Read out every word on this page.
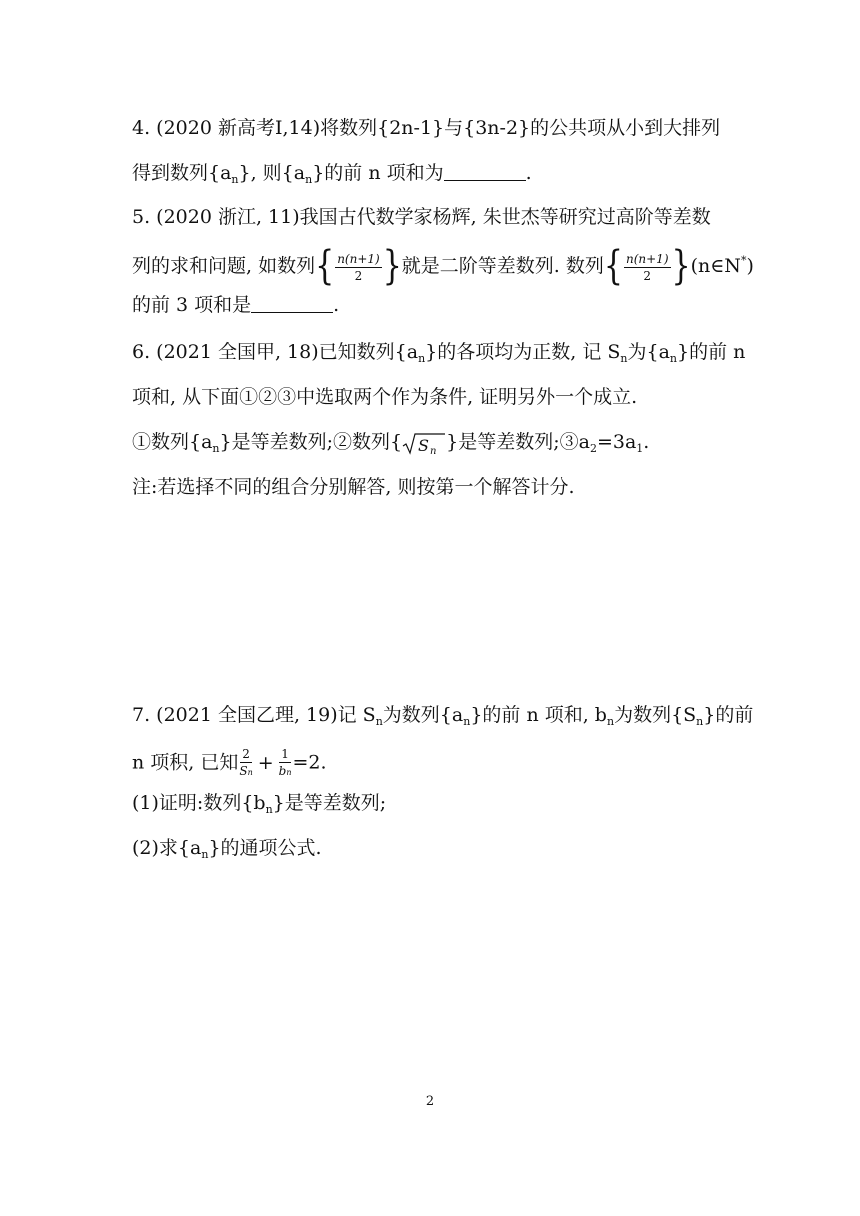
4. (2020 新高考Ⅰ,14)将数列{2n-1}与{3n-2}的公共项从小到大排列
得到数列$\{a_n\}$, 则$\{a_n\}$的前 n 项和为	.
5. (2020 浙江, 11)我国古代数学家杨辉, 朱世杰等研究过高阶等差数
列的求和问题, 如数列{ $\frac{n(n+1)}{2}$ }就是二阶等差数列. 数列{ $\frac{n(n+1)}{2}$ }(n∈N*)
的前 3 项和是	.
6. (2021 全国甲, 18)已知数列$\{a_n\}$的各项均为正数, 记 $S_n$为$\{a_n\}$的前 n
项和, 从下面①②③中选取两个作为条件, 证明另外一个成立.
①数列$\{a_n\}$是等差数列;②数列{ S n }是等差数列$;③a_2=3a_1$.
注:若选择不同的组合分别解答, 则按第一个解答计分.
7. (2021 全国乙理, 19)记 $S_n$为数列$\{a_n\}$的前 n 项和, $b_n$为数列$\{S_n\}$的前
n 项积, 已知 $\frac{2}{Sn} + \frac{1}{bn} =2$.
(1)证明:数列$\{b_n\}$是等差数列;
(2)求$\{a_n\}$的通项公式.
2
